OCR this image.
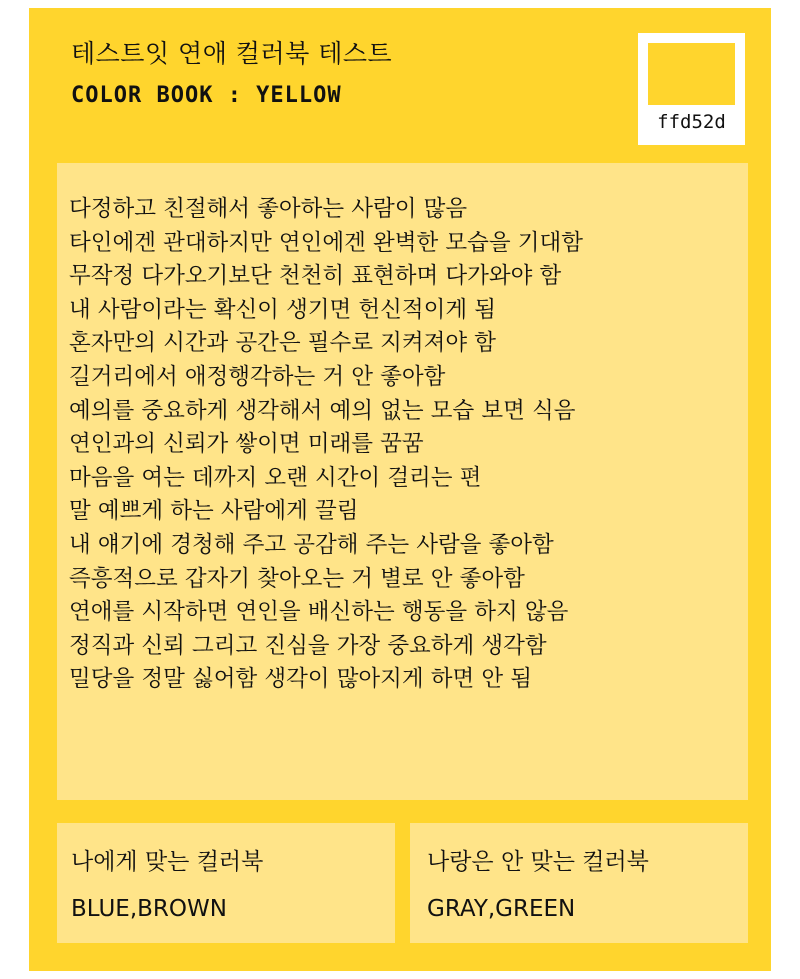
테스트잇 연애 컬러북 테스트
COLOR BOOK : YELLOW
ffd52d
다정하고 친절해서 좋아하는 사람이 많음
타인에겐 관대하지만 연인에겐 완벽한 모습을 기대함
무작정 다가오기보단 천천히 표현하며 다가와야 함
내 사람이라는 확신이 생기면 헌신적이게 됨
혼자만의 시간과 공간은 필수로 지켜져야 함
길거리에서 애정행각하는 거 안 좋아함
예의를 중요하게 생각해서 예의 없는 모습 보면 식음
연인과의 신뢰가 쌓이면 미래를 꿈꿈
마음을 여는 데까지 오랜 시간이 걸리는 편
말 예쁘게 하는 사람에게 끌림
내 얘기에 경청해 주고 공감해 주는 사람을 좋아함
즉흥적으로 갑자기 찾아오는 거 별로 안 좋아함
연애를 시작하면 연인을 배신하는 행동을 하지 않음
정직과 신뢰 그리고 진심을 가장 중요하게 생각함
밀당을 정말 싫어함 생각이 많아지게 하면 안 됨
나에게 맞는 컬러북
BLUE,BROWN
나랑은 안 맞는 컬러북
GRAY,GREEN
